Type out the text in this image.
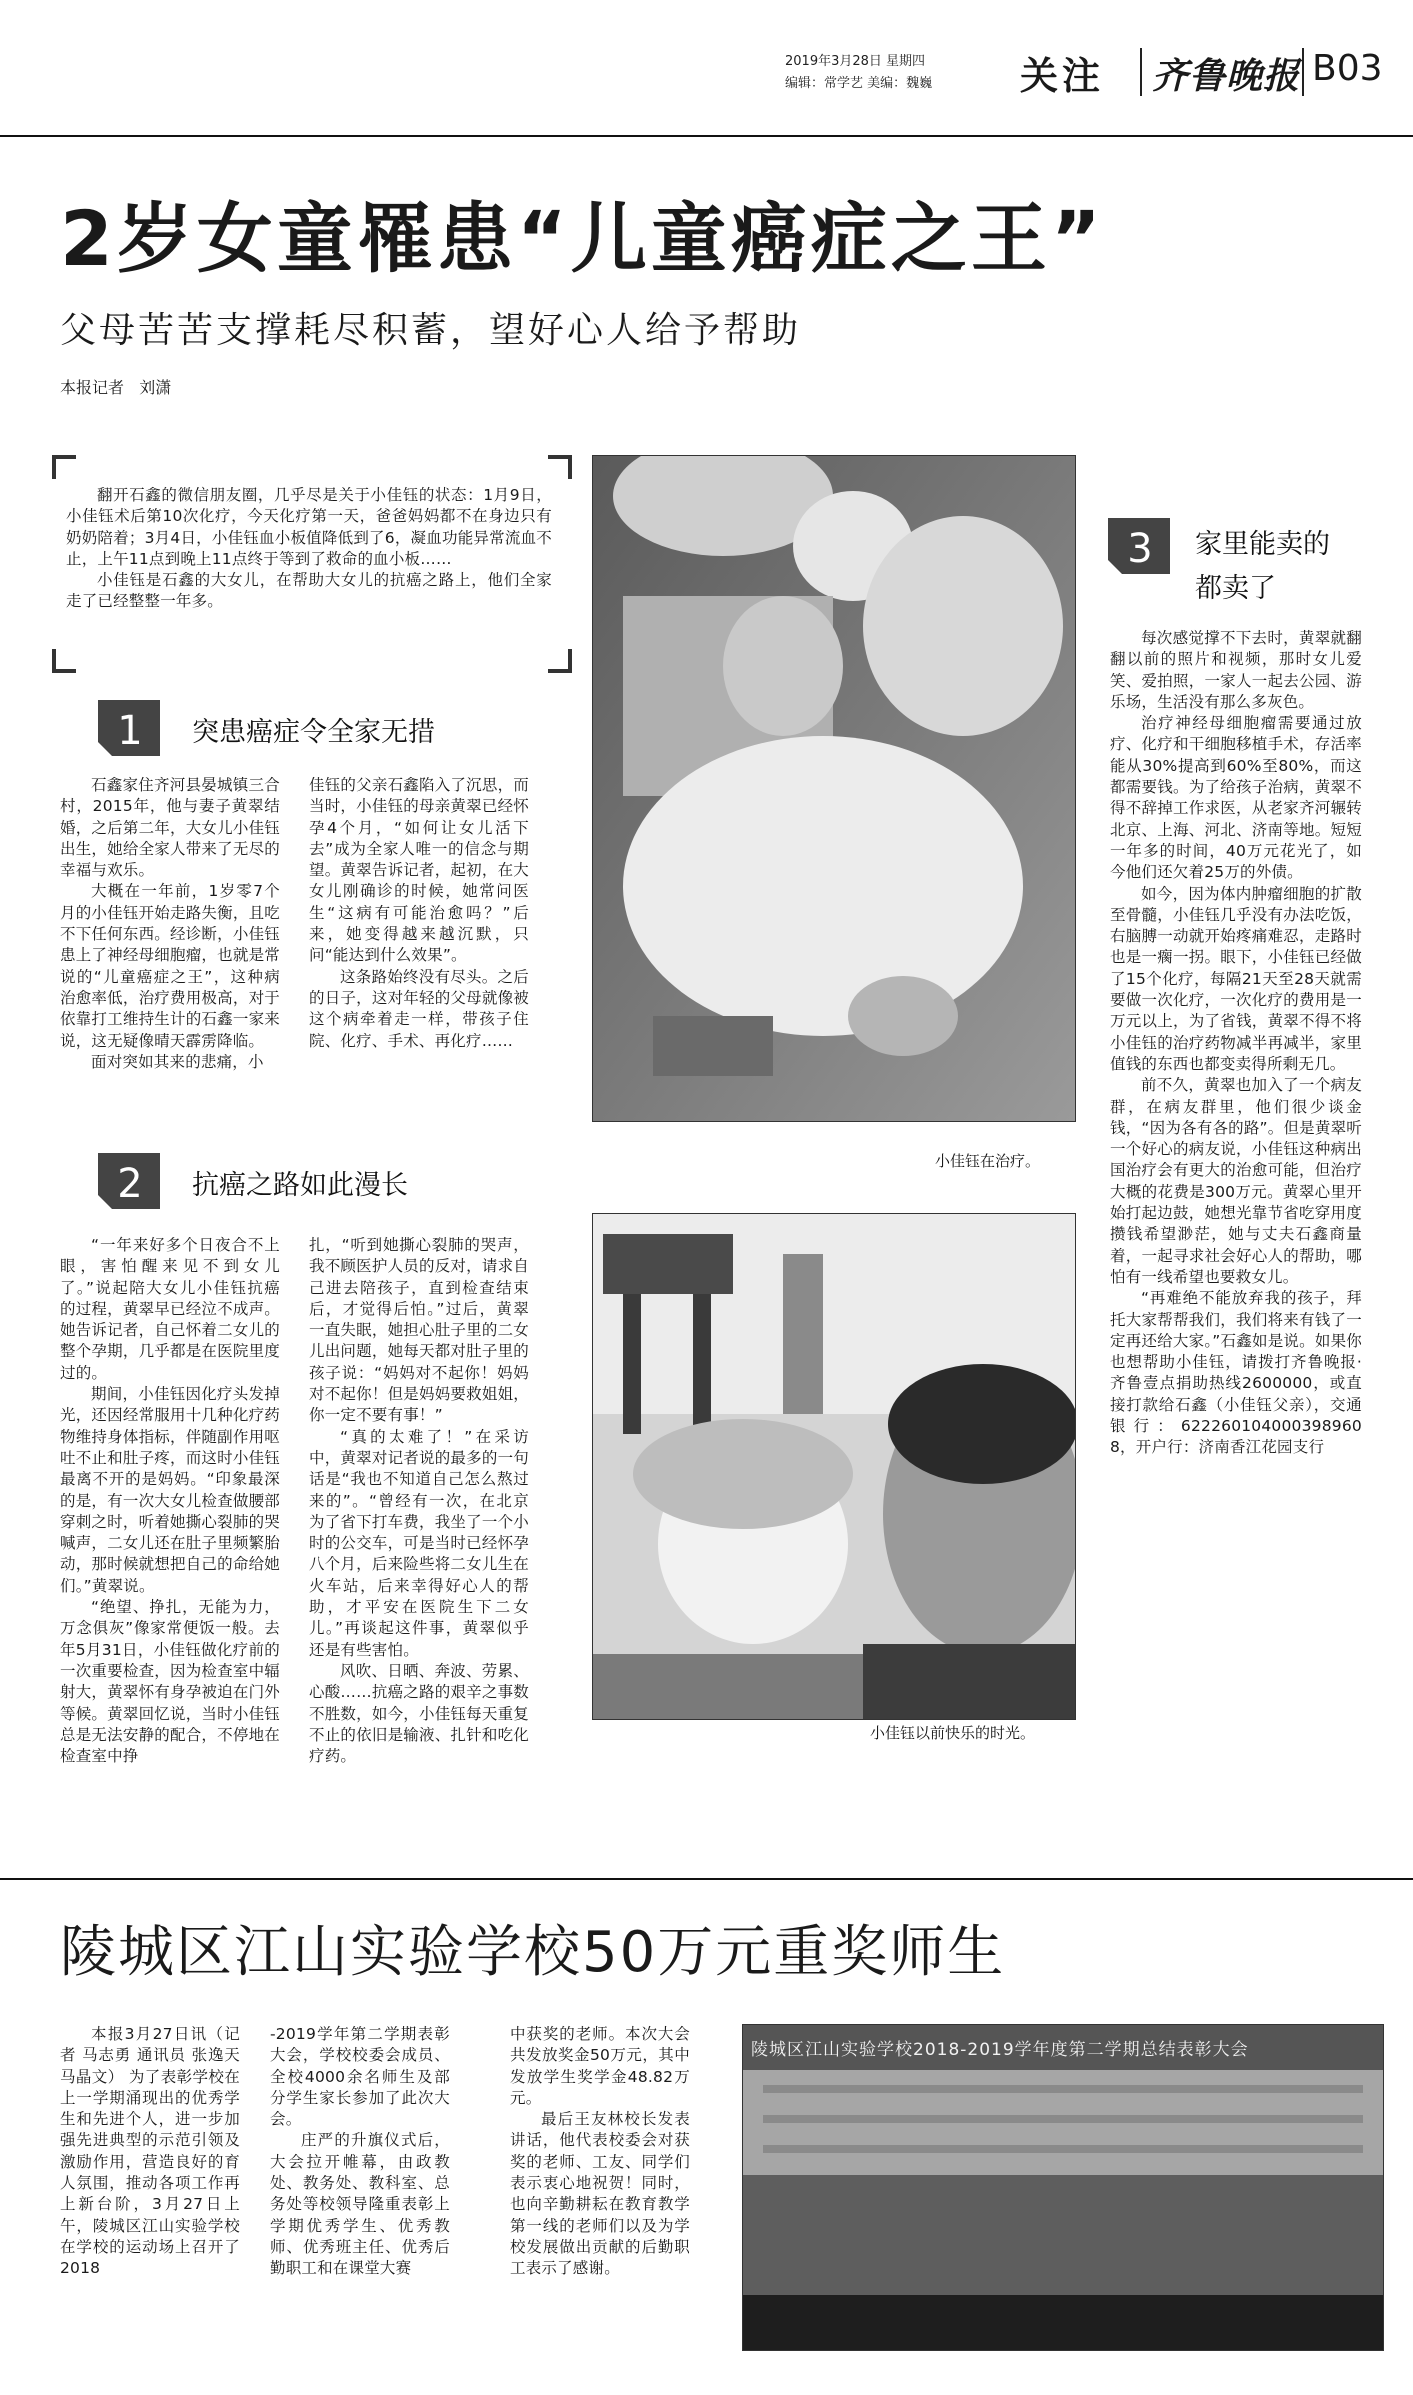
2019年3月28日 星期四
编辑：常学艺 美编：魏巍 关注 齐鲁晚报 B03
2岁女童罹患“儿童癌症之王”
父母苦苦支撑耗尽积蓄，望好心人给予帮助
本报记者   刘潇

翻开石鑫的微信朋友圈，几乎尽是关于小佳钰的状态：1月9日，小佳钰术后第10次化疗，今天化疗第一天，爸爸妈妈都不在身边只有奶奶陪着；3月4日，小佳钰血小板值降低到了6，凝血功能异常流血不止，上午11点到晚上11点终于等到了救命的血小板……

小佳钰是石鑫的大女儿，在帮助大女儿的抗癌之路上，他们全家走了已经整整一年多。

1 突患癌症令全家无措

石鑫家住齐河县晏城镇三合村，2015年，他与妻子黄翠结婚，之后第二年，大女儿小佳钰出生，她给全家人带来了无尽的幸福与欢乐。

大概在一年前，1岁零7个月的小佳钰开始走路失衡，且吃不下任何东西。经诊断，小佳钰患上了神经母细胞瘤，也就是常说的“儿童癌症之王”，这种病治愈率低，治疗费用极高，对于依靠打工维持生计的石鑫一家来说，这无疑像晴天霹雳降临。

面对突如其来的悲痛，小

佳钰的父亲石鑫陷入了沉思，而当时，小佳钰的母亲黄翠已经怀孕4个月，“如何让女儿活下去”成为全家人唯一的信念与期望。黄翠告诉记者，起初，在大女儿刚确诊的时候，她常问医生“这病有可能治愈吗？”后来，她变得越来越沉默，只问“能达到什么效果”。

这条路始终没有尽头。之后的日子，这对年轻的父母就像被这个病牵着走一样，带孩子住院、化疗、手术、再化疗……

2 抗癌之路如此漫长

“一年来好多个日夜合不上眼，害怕醒来见不到女儿了。”说起陪大女儿小佳钰抗癌的过程，黄翠早已经泣不成声。她告诉记者，自己怀着二女儿的整个孕期，几乎都是在医院里度过的。

期间，小佳钰因化疗头发掉光，还因经常服用十几种化疗药物维持身体指标，伴随副作用呕吐不止和肚子疼，而这时小佳钰最离不开的是妈妈。“印象最深的是，有一次大女儿检查做腰部穿刺之时，听着她撕心裂肺的哭喊声，二女儿还在肚子里频繁胎动，那时候就想把自己的命给她们。”黄翠说。

“绝望、挣扎，无能为力，万念俱灰”像家常便饭一般。去年5月31日，小佳钰做化疗前的一次重要检查，因为检查室中辐射大，黄翠怀有身孕被迫在门外等候。黄翠回忆说，当时小佳钰总是无法安静的配合，不停地在检查室中挣

扎，“听到她撕心裂肺的哭声，我不顾医护人员的反对，请求自己进去陪孩子，直到检查结束后，才觉得后怕。”过后，黄翠一直失眠，她担心肚子里的二女儿出问题，她每天都对肚子里的孩子说：“妈妈对不起你！妈妈对不起你！但是妈妈要救姐姐，你一定不要有事！”

“真的太难了！”在采访中，黄翠对记者说的最多的一句话是“我也不知道自己怎么熬过来的”。“曾经有一次，在北京为了省下打车费，我坐了一个小时的公交车，可是当时已经怀孕八个月，后来险些将二女儿生在火车站，后来幸得好心人的帮助，才平安在医院生下二女儿。”再谈起这件事，黄翠似乎还是有些害怕。

风吹、日晒、奔波、劳累、心酸……抗癌之路的艰辛之事数不胜数，如今，小佳钰每天重复不止的依旧是输液、扎针和吃化疗药。

小佳钰在治疗。
小佳钰以前快乐的时光。
3 家里能卖的
都卖了

每次感觉撑不下去时，黄翠就翻翻以前的照片和视频，那时女儿爱笑、爱拍照，一家人一起去公园、游乐场，生活没有那么多灰色。

治疗神经母细胞瘤需要通过放疗、化疗和干细胞移植手术，存活率能从30%提高到60%至80%，而这都需要钱。为了给孩子治病，黄翠不得不辞掉工作求医，从老家齐河辗转北京、上海、河北、济南等地。短短一年多的时间，40万元花光了，如今他们还欠着25万的外债。

如今，因为体内肿瘤细胞的扩散至骨髓，小佳钰几乎没有办法吃饭，右脑膊一动就开始疼痛难忍，走路时也是一瘸一拐。眼下，小佳钰已经做了15个化疗，每隔21天至28天就需要做一次化疗，一次化疗的费用是一万元以上，为了省钱，黄翠不得不将小佳钰的治疗药物减半再减半，家里值钱的东西也都变卖得所剩无几。

前不久，黄翠也加入了一个病友群，在病友群里，他们很少谈金钱，“因为各有各的路”。但是黄翠听一个好心的病友说，小佳钰这种病出国治疗会有更大的治愈可能，但治疗大概的花费是300万元。黄翠心里开始打起边鼓，她想光靠节省吃穿用度攒钱希望渺茫，她与丈夫石鑫商量着，一起寻求社会好心人的帮助，哪怕有一线希望也要救女儿。

“再难绝不能放弃我的孩子，拜托大家帮帮我们，我们将来有钱了一定再还给大家。”石鑫如是说。如果你也想帮助小佳钰，请拨打齐鲁晚报·齐鲁壹点捐助热线2600000，或直接打款给石鑫（小佳钰父亲），交通银行：622260104000398960​8，开户行：济南香江花园支行

陵城区江山实验学校50万元重奖师生

本报3月27日讯（记者 马志勇 通讯员 张逸天 马晶文） 为了表彰学校在上一学期涌现出的优秀学生和先进个人，进一步加强先进典型的示范引领及激励作用，营造良好的育人氛围，推动各项工作再上新台阶，3月27日上午，陵城区江山实验学校在学校的运动场上召开了2018

-2019学年第二学期表彰大会，学校校委会成员、全校4000余名师生及部分学生家长参加了此次大会。

庄严的升旗仪式后，大会拉开帷幕，由政教处、教务处、教科室、总务处等校领导隆重表彰上学期优秀学生、优秀教师、优秀班主任、优秀后勤职工和在课堂大赛

中获奖的老师。本次大会共发放奖金50万元，其中发放学生奖学金48.82万元。

最后王友林校长发表讲话，他代表校委会对获奖的老师、工友、同学们表示衷心地祝贺！同时，也向辛勤耕耘在教育教学第一线的老师们以及为学校发展做出贡献的后勤职工表示了感谢。

陵城区江山实验学校2018-2019学年度第二学期总结表彰大会
